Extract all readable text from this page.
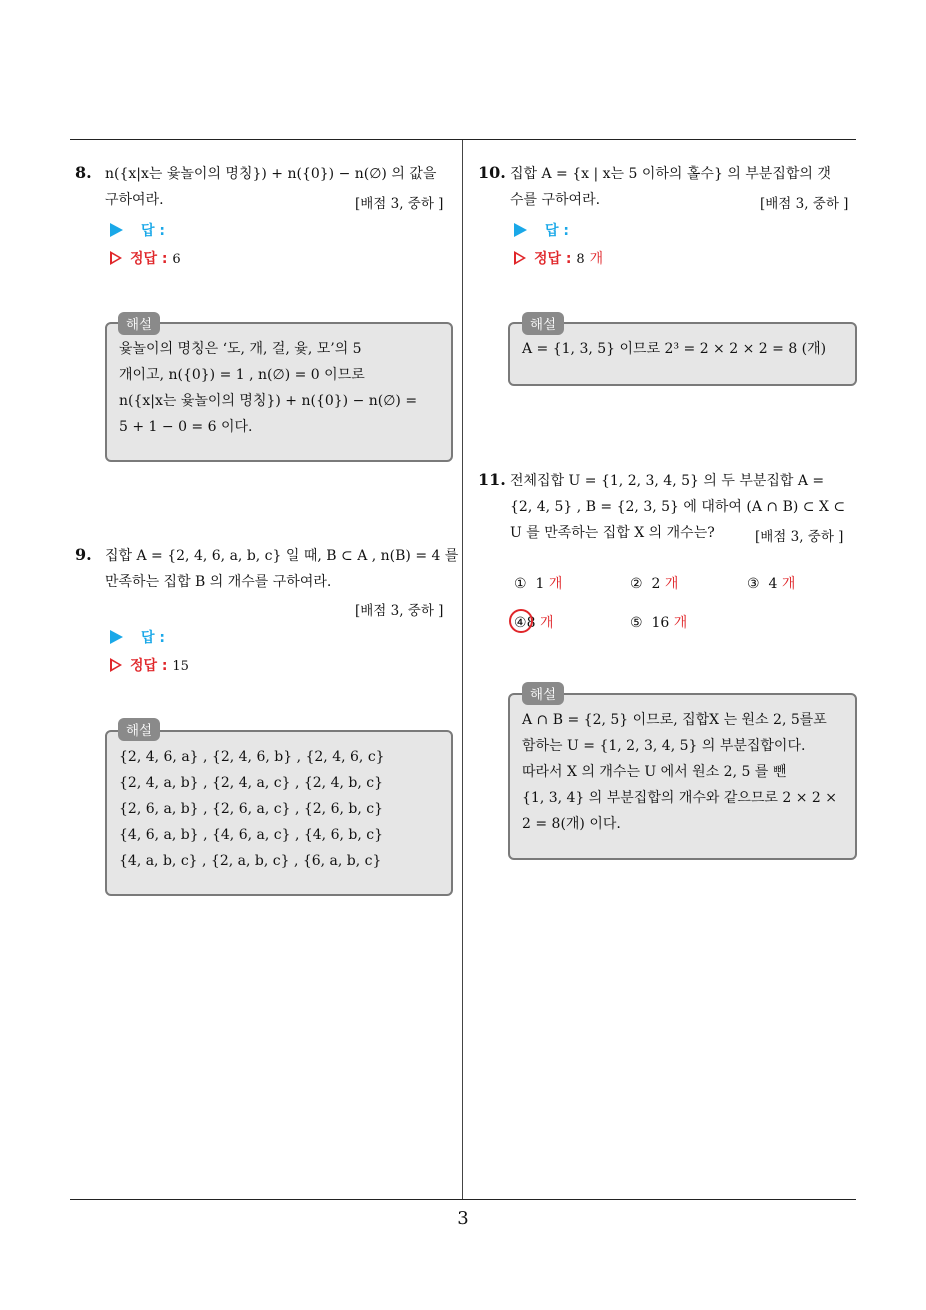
3
8. n({x|x는 윷놀이의 명칭}) + n({0}) − n(∅) 의 값을
구하여라.	[배점 3, 중하 ]
답 :
정답 : 6
윷놀이의 명칭은 ‘도, 개, 걸, 윷, 모’의 5
개이고, n({0}) = 1 , n(∅) = 0 이므로
n({x|x는 윷놀이의 명칭}) + n({0}) − n(∅) =
5 + 1 − 0 = 6 이다.
해설
9. 집합 A = {2, 4, 6, a, b, c} 일 때, B ⊂ A , n(B) = 4 를
만족하는 집합 B 의 개수를 구하여라.
[배점 3, 중하 ]
답 :
정답 : 15
{2, 4, 6, a} , {2, 4, 6, b} , {2, 4, 6, c}
{2, 4, a, b} , {2, 4, a, c} , {2, 4, b, c}
{2, 6, a, b} , {2, 6, a, c} , {2, 6, b, c}
{4, 6, a, b} , {4, 6, a, c} , {4, 6, b, c}
{4, a, b, c} , {2, a, b, c} , {6, a, b, c}
해설
10. 집합 A = {x | x는 5 이하의 홀수} 의 부분집합의 갯
수를 구하여라.	[배점 3, 중하 ]
답 :
정답 : 8 개
A = {1, 3, 5} 이므로 2³ = 2 × 2 × 2 = 8 (개)
해설
11. 전체집합 U = {1, 2, 3, 4, 5} 의 두 부분집합 A =
{2, 4, 5} , B = {2, 3, 5} 에 대하여 (A ∩ B) ⊂ X ⊂
U 를 만족하는 집합 X 의 개수는?	[배점 3, 중하 ]
① 1 개	② 2 개	③ 4 개
④8 개	⑤ 16 개
A ∩ B = {2, 5} 이므로, 집합X 는 원소 2, 5를포
함하는 U = {1, 2, 3, 4, 5} 의 부분집합이다.
따라서 X 의 개수는 U 에서 원소 2, 5 를 뺀
{1, 3, 4} 의 부분집합의 개수와 같으므로 2 × 2 ×
2 = 8(개) 이다.
해설
